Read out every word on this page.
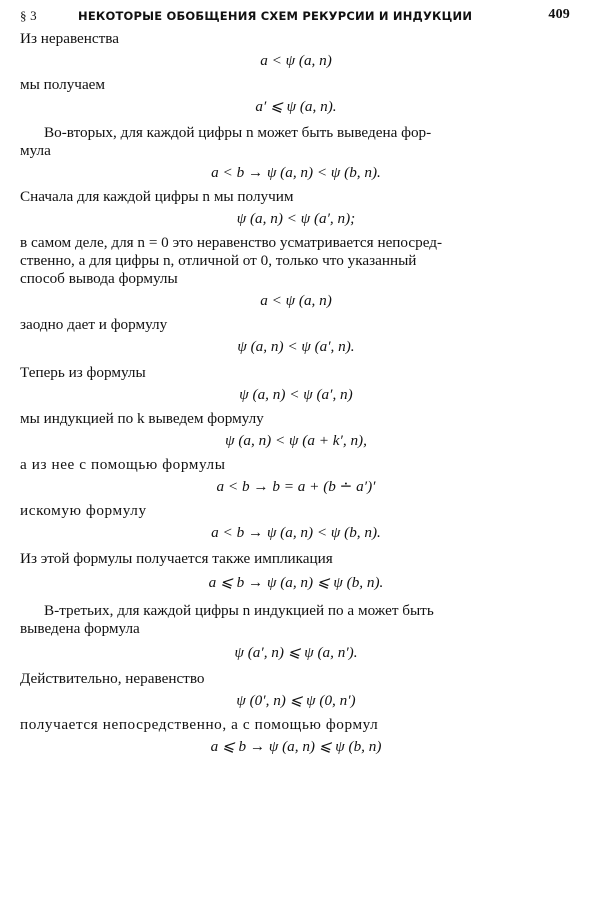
§ 3	НЕКОТОРЫЕ ОБОБЩЕНИЯ СХЕМ РЕКУРСИИ И ИНДУКЦИИ	409

Из неравенства

a < ψ (a, n)

мы получаем

a′ ⩽ ψ (a, n).

Во-вторых, для каждой цифры n может быть выведена фор-

мула

a < b → ψ (a, n) < ψ (b, n).

Сначала для каждой цифры n мы получим

ψ (a, n) < ψ (a′, n);

в самом деле, для n = 0 это неравенство усматривается непосред-

ственно, а для цифры n, отличной от 0, только что указанный

способ вывода формулы

a < ψ (a, n)

заодно дает и формулу

ψ (a, n) < ψ (a′, n).

Теперь из формулы

ψ (a, n) < ψ (a′, n)

мы индукцией по k выведем формулу

ψ (a, n) < ψ (a + k′, n),

а из нее с помощью формулы

a < b → b = a + (b ∸ a′)′

искомую формулу

a < b → ψ (a, n) < ψ (b, n).

Из этой формулы получается также импликация

a ⩽ b → ψ (a, n) ⩽ ψ (b, n).

В-третьих, для каждой цифры n индукцией по a может быть

выведена формула

ψ (a′, n) ⩽ ψ (a, n′).

Действительно, неравенство

ψ (0′, n) ⩽ ψ (0, n′)

получается непосредственно, а с помощью формул

a ⩽ b → ψ (a, n) ⩽ ψ (b, n)
